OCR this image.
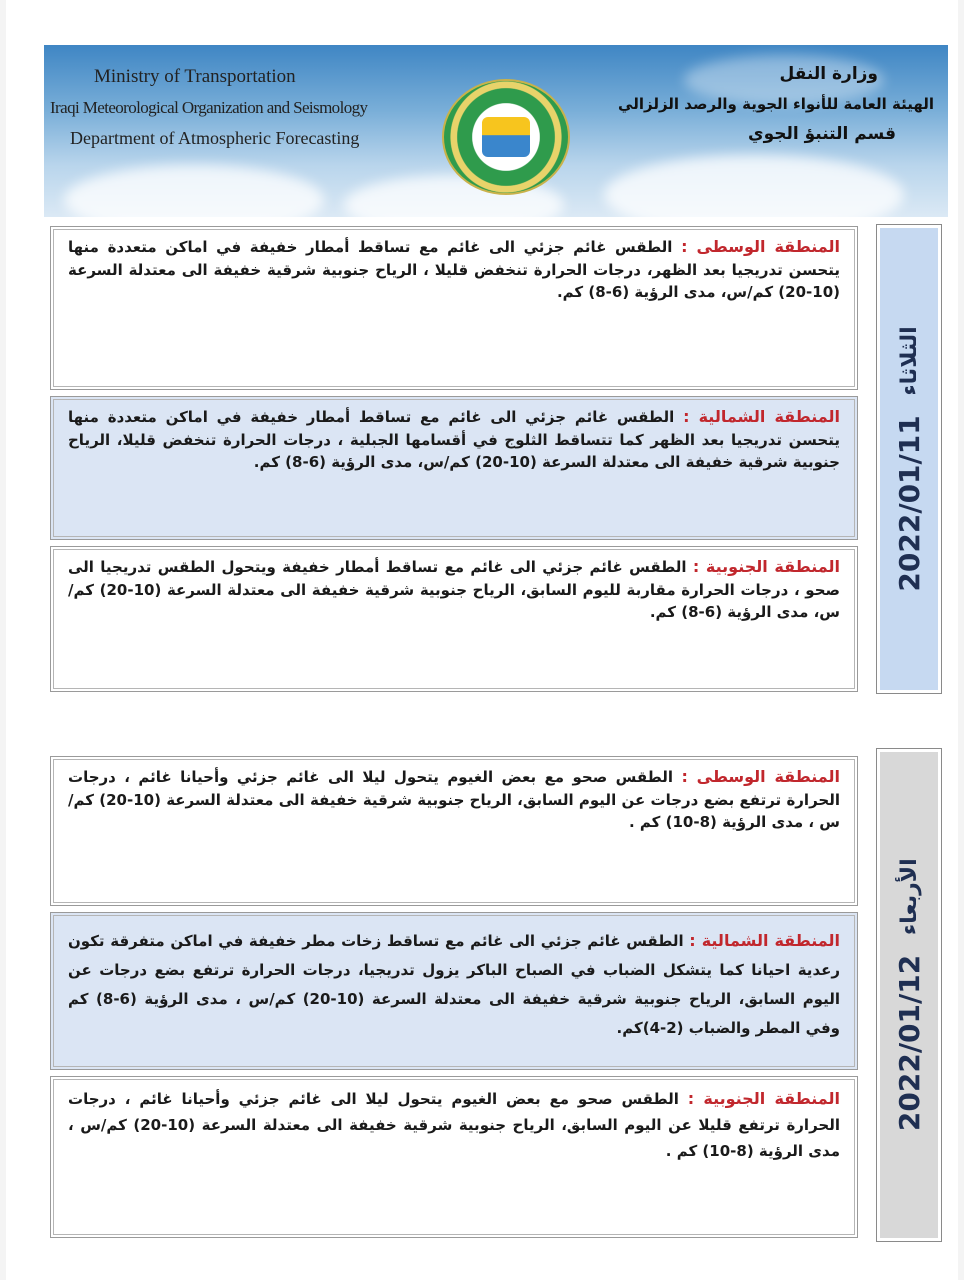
Ministry of Transportation
Iraqi Meteorological Organization and Seismology
Department of Atmospheric Forecasting
وزارة النقل
الهيئة العامة للأنواء الجوية والرصد الزلزالي
قسم التنبؤ الجوي

المنطقة الوسطى : الطقس غائم جزئي الى غائم مع تساقط أمطار خفيفة في اماكن متعددة منها يتحسن تدريجيا بعد الظهر، درجات الحرارة تنخفض قليلا ، الرياح جنوبية شرقية خفيفة الى معتدلة السرعة (10-20) كم/س، مدى الرؤية (6-8) كم.

المنطقة الشمالية : الطقس غائم جزئي الى غائم مع تساقط أمطار خفيفة في اماكن متعددة منها يتحسن تدريجيا بعد الظهر كما تتساقط الثلوج في أقسامها الجبلية ، درجات الحرارة تنخفض قليلا، الرياح جنوبية شرقية خفيفة الى معتدلة السرعة (10-20) كم/س، مدى الرؤية (6-8) كم.

المنطقة الجنوبية : الطقس غائم جزئي الى غائم مع تساقط أمطار خفيفة ويتحول الطقس تدريجيا الى صحو ، درجات الحرارة مقاربة لليوم السابق، الرياح جنوبية شرقية خفيفة الى معتدلة السرعة (10-20) كم/س، مدى الرؤية (6-8) كم.

2022/01/11الثلاثاء

المنطقة الوسطى : الطقس صحو مع بعض الغيوم يتحول ليلا الى غائم جزئي وأحيانا غائم ، درجات الحرارة ترتفع بضع درجات عن اليوم السابق، الرياح جنوبية شرقية خفيفة الى معتدلة السرعة (10-20) كم/س ، مدى الرؤية (8-10) كم .

المنطقة الشمالية : الطقس غائم جزئي الى غائم مع تساقط زخات مطر خفيفة في اماكن متفرقة تكون رعدية احيانا كما يتشكل الضباب في الصباح الباكر يزول تدريجيا، درجات الحرارة ترتفع بضع درجات عن اليوم السابق، الرياح جنوبية شرقية خفيفة الى معتدلة السرعة (10-20) كم/س ، مدى الرؤية (6-8) كم وفي المطر والضباب (2-4)كم.

المنطقة الجنوبية : الطقس صحو مع بعض الغيوم يتحول ليلا الى غائم جزئي وأحيانا غائم ، درجات الحرارة ترتفع قليلا عن اليوم السابق، الرياح جنوبية شرقية خفيفة الى معتدلة السرعة (10-20) كم/س ، مدى الرؤية (8-10) كم .

2022/01/12الأربعاء
